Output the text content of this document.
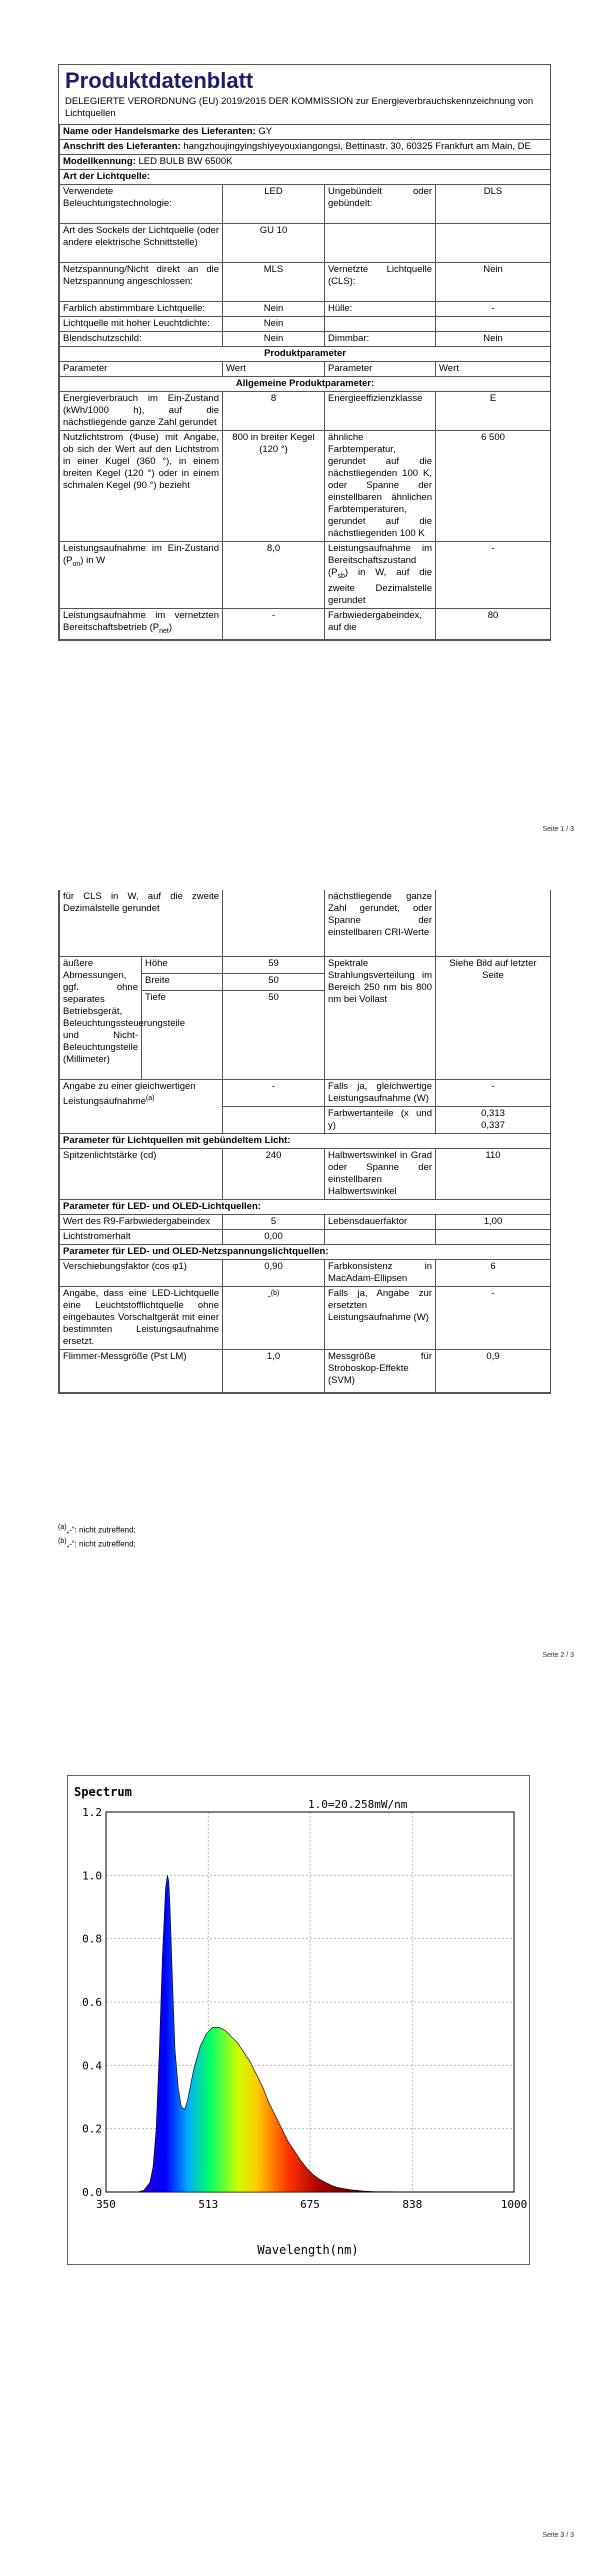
Produktdatenblatt
DELEGIERTE VERORDNUNG (EU) 2019/2015 DER KOMMISSION zur Energieverbrauchskennzeichnung von Lichtquellen
Name oder Handelsmarke des Lieferanten: GY			
Anschrift des Lieferanten: hangzhoujingyingshiyeyouxiangongsi, Bettinastr. 30, 60325 Frankfurt am Main, DE			
Modellkennung: LED BULB BW 6500K			
Art der Lichtquelle:			
Verwendete Beleuchtungstechnologie:	LED	Ungebündelt oder gebündelt:	DLS
Art des Sockels der Lichtquelle (oder andere elektrische Schnittstelle)	GU 10		
Netzspannung/Nicht direkt an die Netzspannung angeschlossen:	MLS	Vernetzte Lichtquelle (CLS):	Nein
Farblich abstimmbare Lichtquelle:	Nein	Hülle:	-
Lichtquelle mit hoher Leuchtdichte:	Nein		
Blendschutzschild:	Nein	Dimmbar:	Nein
Produktparameter			
Parameter	Wert	Parameter	Wert
Allgemeine Produktparameter:			
Energieverbrauch im Ein-Zustand (kWh/1000 h), auf die nächstliegende ganze Zahl gerundet	8	Energieeffizienzklasse	E
Nutzlichtstrom (Φuse) mit Angabe, ob sich der Wert auf den Lichtstrom in einer Kugel (360 °), in einem breiten Kegel (120 °) oder in einem schmalen Kegel (90 °) bezieht	800 in breiter Kegel (120 °)	ähnliche Farbtemperatur, gerundet auf die nächstliegenden 100 K, oder Spanne der einstellbaren ähnlichen Farbtemperaturen, gerundet auf die nächstliegenden 100 K	6 500
Leistungsaufnahme im Ein-Zustand $(P_{on})$ in W	8,0	Leistungsaufnahme im Bereitschaftszustand $(P_{sb})$ in W, auf die zweite Dezimalstelle gerundet	-
Leistungsaufnahme im vernetzten Bereitschaftsbetrieb $(P_{net})$	-	Farbwiedergabeindex, auf die	80
Seite 1 / 3
für CLS in W, auf die zweite Dezimalstelle gerundet			nächstliegende ganze Zahl gerundet, oder Spanne der einstellbaren CRI-Werte	
äußere Abmessungen, ggf. ohne separates Betriebsgerät, Beleuchtungssteuerungsteile und Nicht-Beleuchtungsteile (Millimeter)	Höhe	59	Spektrale Strahlungsverteilung im Bereich 250 nm bis 800 nm bei Vollast	Siehe Bild auf letzter Seite
	Breite	50		
	Tiefe	50		
Angabe zu einer gleichwertigen Leistungsaufnahme$^{(a)}$		-	Falls ja, gleichwertige Leistungsaufnahme (W)	-
			Farbwertanteile (x und y)	0,313
0,337
Parameter für Lichtquellen mit gebündeltem Licht:				
Spitzenlichtstärke (cd)		240	Halbwertswinkel in Grad oder Spanne der einstellbaren Halbwertswinkel	110
Parameter für LED- und OLED-Lichtquellen:				
Wert des R9-Farbwiedergabeindex		5	Lebensdauerfaktor	1,00
Lichtstromerhalt		0,00		
Parameter für LED- und OLED-Netzspannungslichtquellen:				
Verschiebungsfaktor (cos φ1)		0,90	Farbkonsistenz in MacAdam-Ellipsen	6
Angabe, dass eine LED-Lichtquelle eine Leuchtstofflichtquelle ohne eingebautes Vorschaltgerät mit einer bestimmten Leistungsaufnahme ersetzt.		-$^{(b)}$	Falls ja, Angabe zur ersetzten Leistungsaufnahme (W)	-
Flimmer-Messgröße (Pst LM)		1,0	Messgröße für Stroboskop-Effekte (SVM)	0,9
$^{(a)}$„-“: nicht zutreffend;
$^{(b)}$„-“: nicht zutreffend;
Seite 2 / 3
Spectrum
1.0=20.258mW/nm
0.0
0.2
0.4
0.6
0.8
1.0
1.2
350	513	675	838	1000
Wavelength(nm)
Seite 3 / 3
